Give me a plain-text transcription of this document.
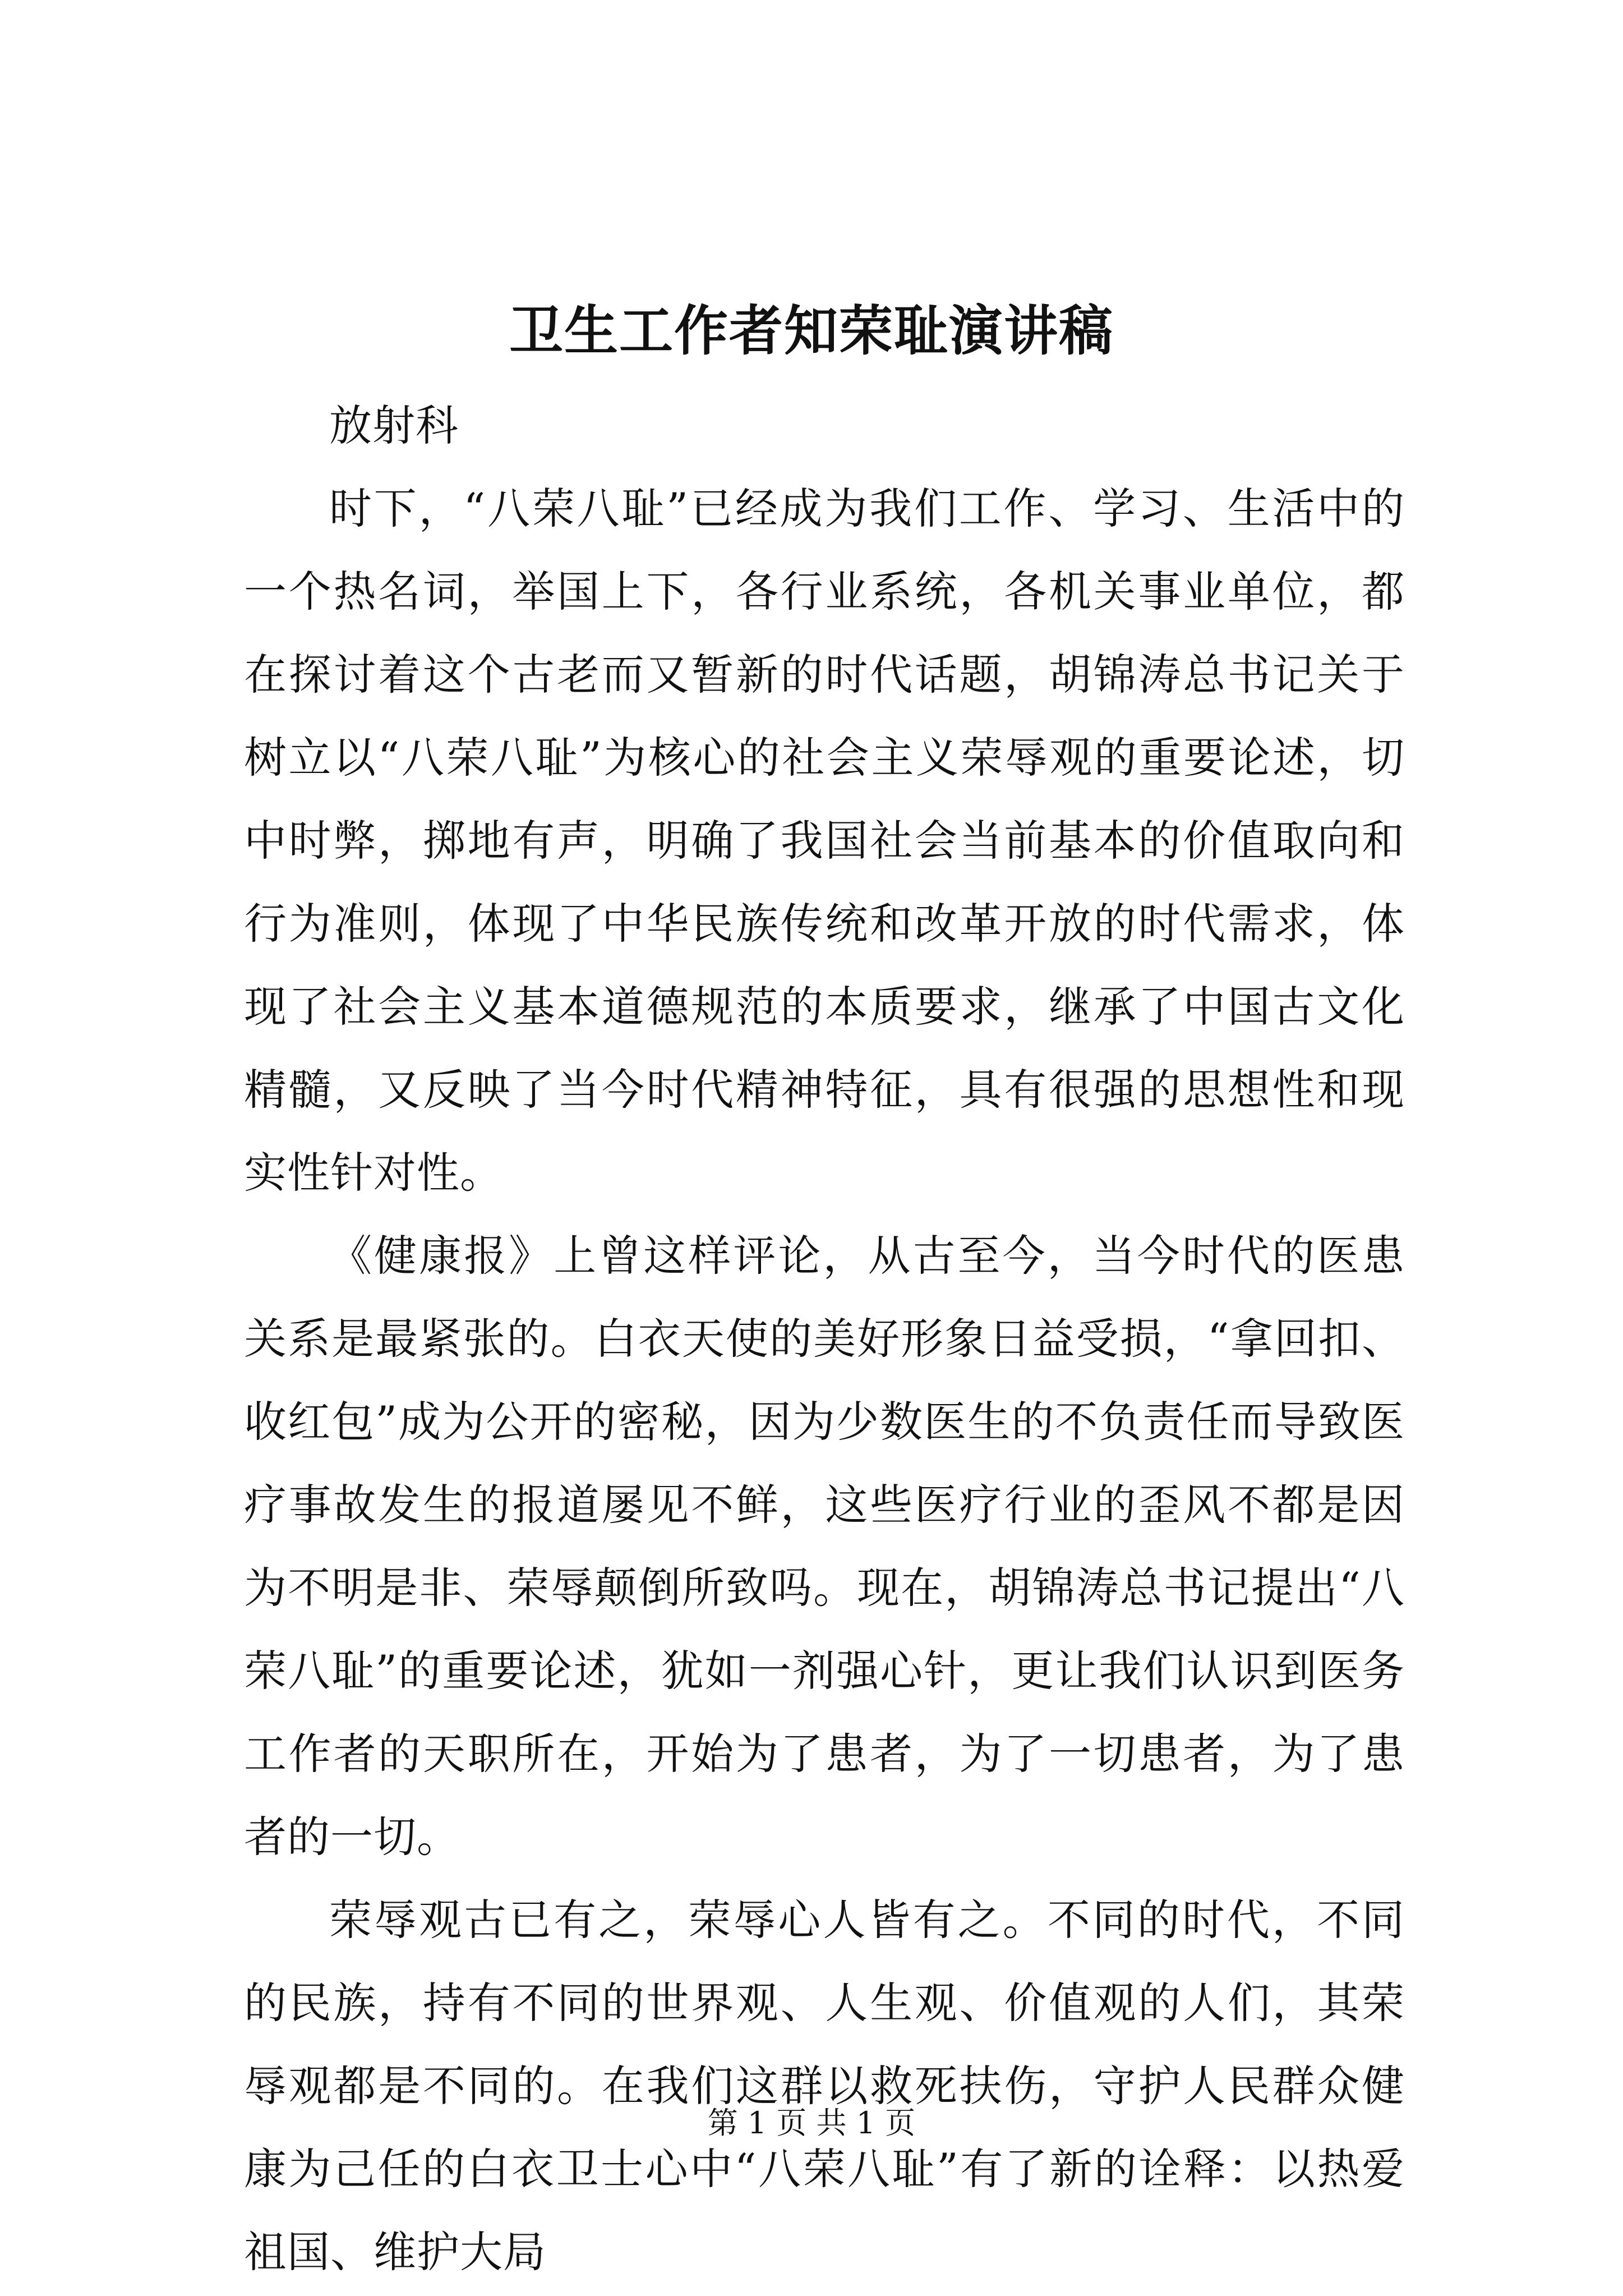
卫生工作者知荣耻演讲稿

放射科

时下，“八荣八耻”已经成为我们工作、学习、生活中的一个热名词，举国上下，各行业系统，各机关事业单位，都在探讨着这个古老而又暂新的时代话题，胡锦涛总书记关于树立以“八荣八耻”为核心的社会主义荣辱观的重要论述，切中时弊，掷地有声，明确了我国社会当前基本的价值取向和行为准则，体现了中华民族传统和改革开放的时代需求，体现了社会主义基本道德规范的本质要求，继承了中国古文化精髓，又反映了当今时代精神特征，具有很强的思想性和现实性针对性。

《健康报》上曾这样评论，从古至今，当今时代的医患关系是最紧张的。白衣天使的美好形象日益受损，“拿回扣、收红包”成为公开的密秘，因为少数医生的不负责任而导致医疗事故发生的报道屡见不鲜，这些医疗行业的歪风不都是因为不明是非、荣辱颠倒所致吗。现在，胡锦涛总书记提出“八荣八耻”的重要论述，犹如一剂强心针，更让我们认识到医务工作者的天职所在，开始为了患者，为了一切患者，为了患者的一切。

荣辱观古已有之，荣辱心人皆有之。不同的时代，不同的民族，持有不同的世界观、人生观、价值观的人们，其荣辱观都是不同的。在我们这群以救死扶伤，守护人民群众健康为己任的白衣卫士心中“八荣八耻”有了新的诠释：以热爱祖国、维护大局

第 1 页 共 1 页
